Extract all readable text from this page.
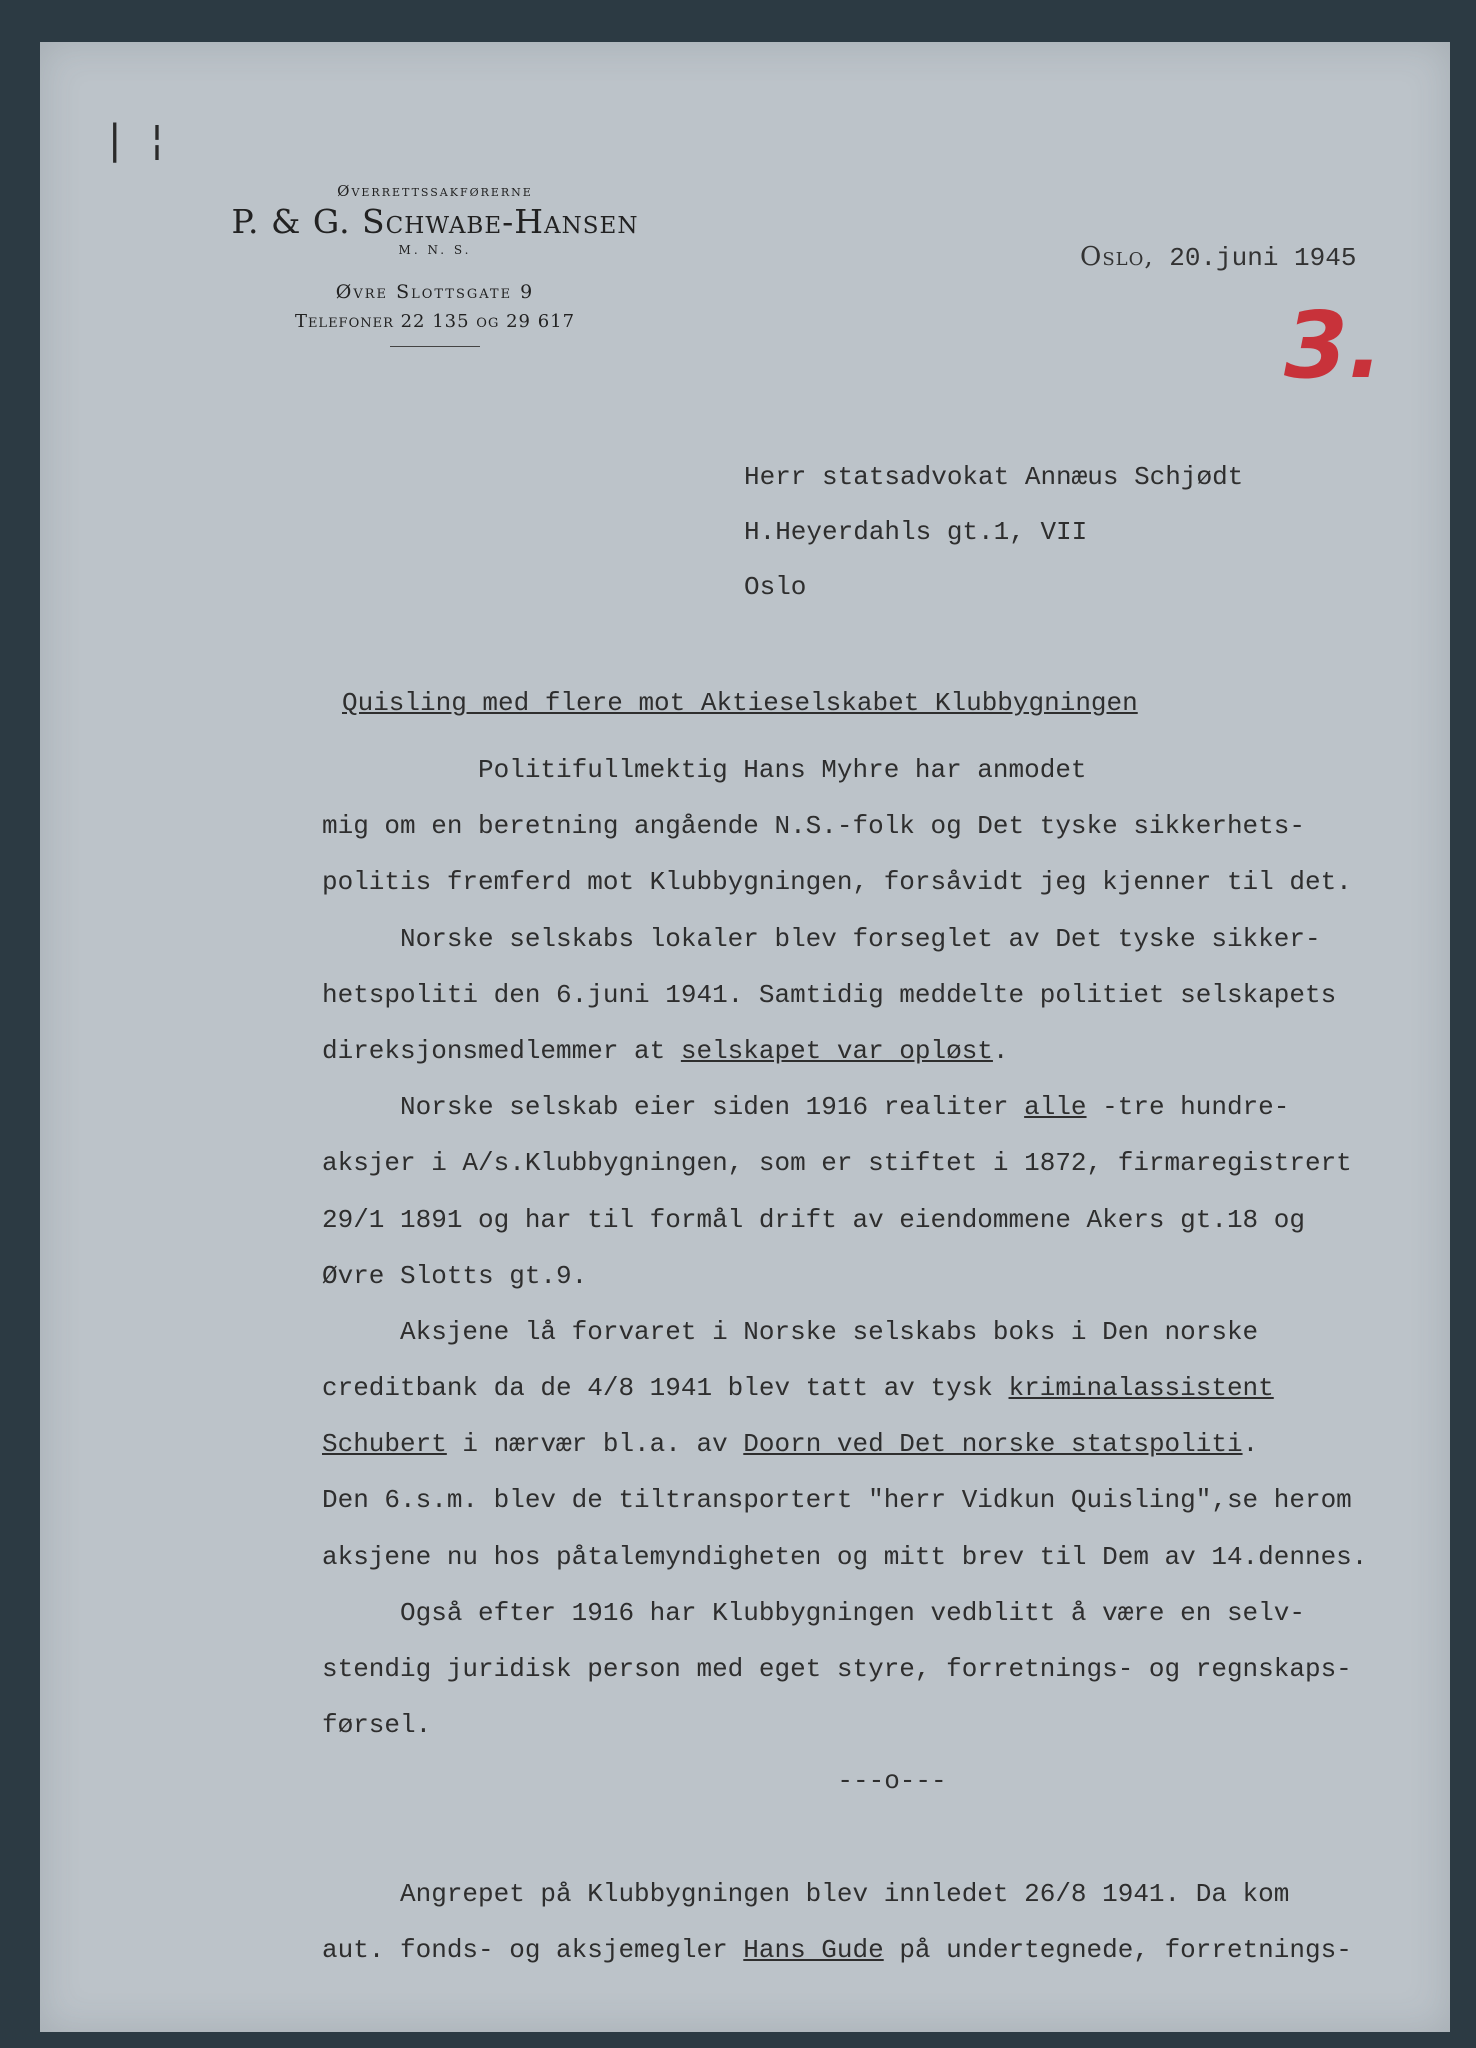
| ¦
Øverrettssakførerne
P. & G. Schwabe-Hansen
M. N. S.
Øvre Slottsgate 9
Telefoner 22 135 og 29 617
Oslo, 20.juni 1945
3.
Herr statsadvokat Annæus Schjødt
H.Heyerdahls gt.1, VII
Oslo
Quisling med flere mot Aktieselskabet Klubbygningen
Politifullmektig Hans Myhre har anmodet
mig om en beretning angående N.S.-folk og Det tyske sikkerhets-
politis fremferd mot Klubbygningen, forsåvidt jeg kjenner til det.
Norske selskabs lokaler blev forseglet av Det tyske sikker-
hetspoliti den 6.juni 1941. Samtidig meddelte politiet selskapets
direksjonsmedlemmer at selskapet var opløst.
Norske selskab eier siden 1916 realiter alle -tre hundre-
aksjer i A/s.Klubbygningen, som er stiftet i 1872, firmaregistrert
29/1 1891 og har til formål drift av eiendommene Akers gt.18 og
Øvre Slotts gt.9.
Aksjene lå forvaret i Norske selskabs boks i Den norske
creditbank da de 4/8 1941 blev tatt av tysk kriminalassistent
Schubert i nærvær bl.a. av Doorn ved Det norske statspoliti.
Den 6.s.m. blev de tiltransportert "herr Vidkun Quisling",se herom
aksjene nu hos påtalemyndigheten og mitt brev til Dem av 14.dennes.
Også efter 1916 har Klubbygningen vedblitt å være en selv-
stendig juridisk person med eget styre, forretnings- og regnskaps-
førsel.
---o---
Angrepet på Klubbygningen blev innledet 26/8 1941. Da kom
aut. fonds- og aksjemegler Hans Gude på undertegnede, forretnings-
